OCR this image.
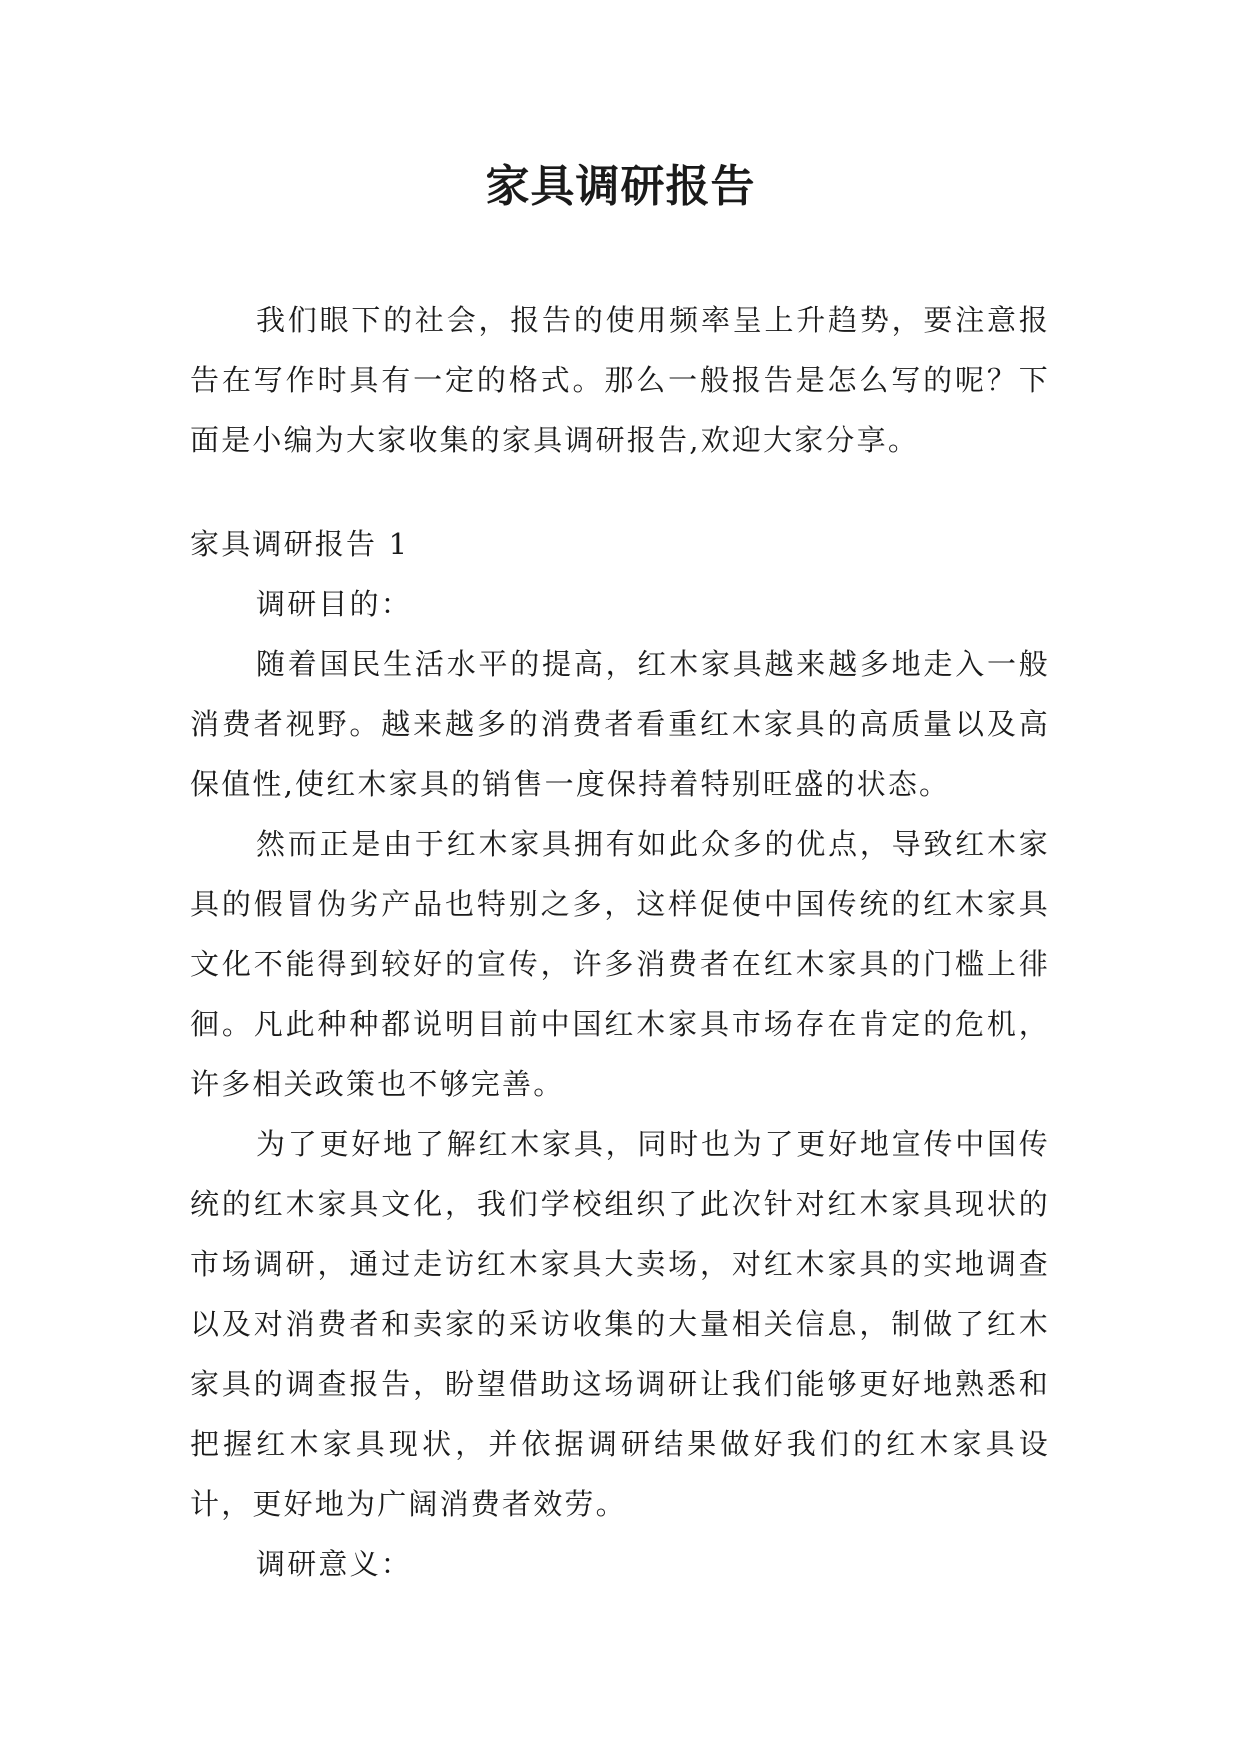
家具调研报告

我们眼下的社会，报告的使用频率呈上升趋势，要注意报告在写作时具有一定的格式。那么一般报告是怎么写的呢？下面是小编为大家收集的家具调研报告,欢迎大家分享。

家具调研报告 1

调研目的：

随着国民生活水平的提高，红木家具越来越多地走入一般消费者视野。越来越多的消费者看重红木家具的高质量以及高保值性,使红木家具的销售一度保持着特别旺盛的状态。

然而正是由于红木家具拥有如此众多的优点，导致红木家具的假冒伪劣产品也特别之多，这样促使中国传统的红木家具文化不能得到较好的宣传，许多消费者在红木家具的门槛上徘徊。凡此种种都说明目前中国红木家具市场存在肯定的危机，许多相关政策也不够完善。

为了更好地了解红木家具，同时也为了更好地宣传中国传统的红木家具文化，我们学校组织了此次针对红木家具现状的市场调研，通过走访红木家具大卖场，对红木家具的实地调查以及对消费者和卖家的采访收集的大量相关信息，制做了红木家具的调查报告，盼望借助这场调研让我们能够更好地熟悉和把握红木家具现状，并依据调研结果做好我们的红木家具设计，更好地为广阔消费者效劳。

调研意义：
